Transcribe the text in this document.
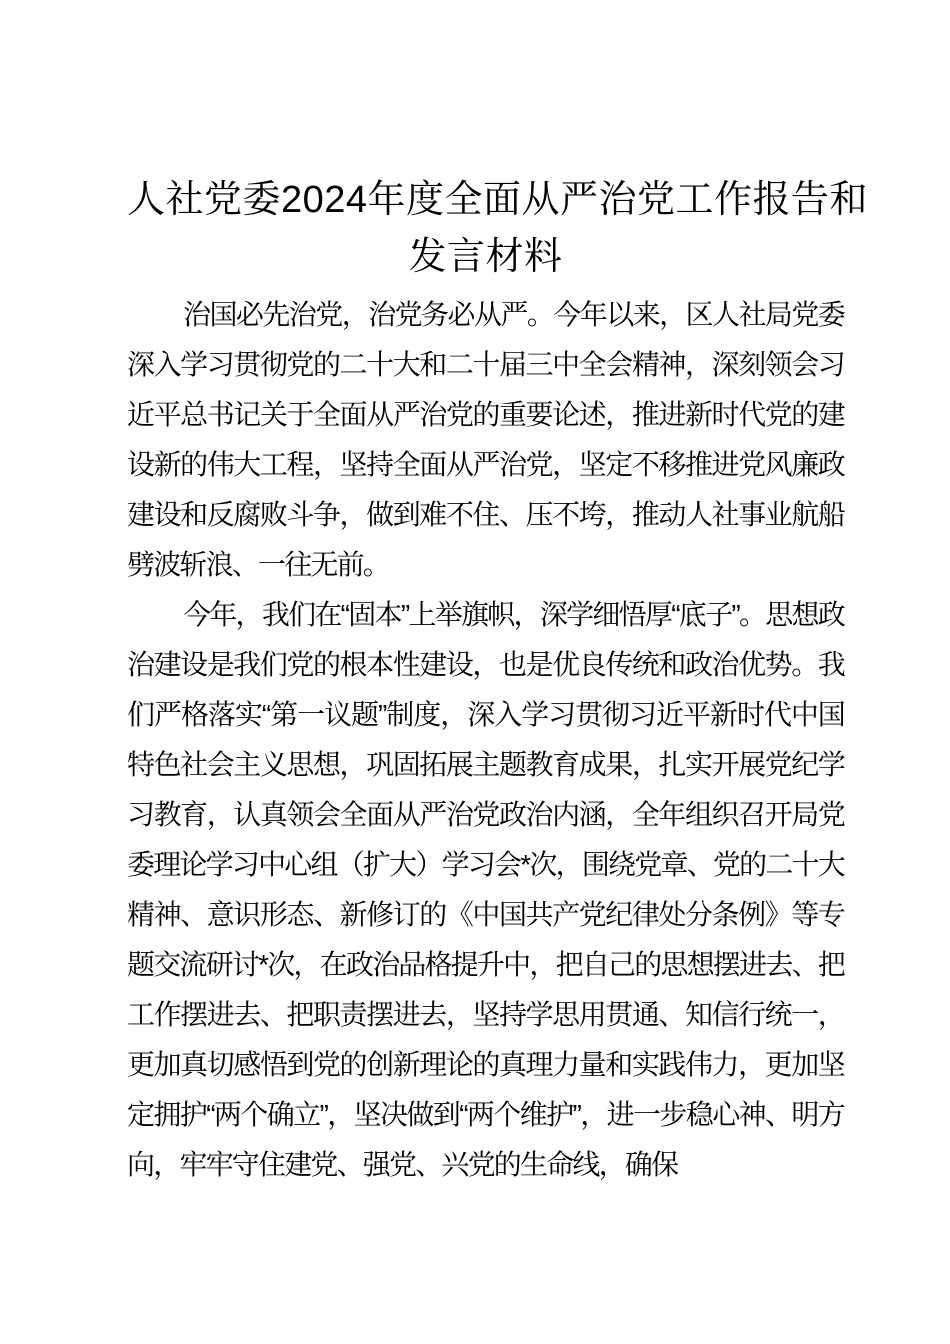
人社党委2024年度全面从严治党工作报告和
发言材料

治国必先治党，治党务必从严。今年以来，区人社局党委深入学习贯彻党的二十大和二十届三中全会精神，深刻领会习近平总书记关于全面从严治党的重要论述，推进新时代党的建设新的伟大工程，坚持全面从严治党，坚定不移推进党风廉政建设和反腐败斗争，做到难不住、压不垮，推动人社事业航船劈波斩浪、一往无前。

今年，我们在“固本”上举旗帜，深学细悟厚“底子”。思想政治建设是我们党的根本性建设，也是优良传统和政治优势。我们严格落实“第一议题”制度，深入学习贯彻习近平新时代中国特色社会主义思想，巩固拓展主题教育成果，扎实开展党纪学习教育，认真领会全面从严治党政治内涵，全年组织召开局党委理论学习中心组（扩大）学习会*次，围绕党章、党的二十大精神、意识形态、新修订的《中国共产党纪律处分条例》等专题交流研讨*次，在政治品格提升中，把自己的思想摆进去、把工作摆进去、把职责摆进去，坚持学思用贯通、知信行统一，更加真切感悟到党的创新理论的真理力量和实践伟力，更加坚定拥护“两个确立”，坚决做到“两个维护”，进一步稳心神、明方向，牢牢守住建党、强党、兴党的生命线，确保
